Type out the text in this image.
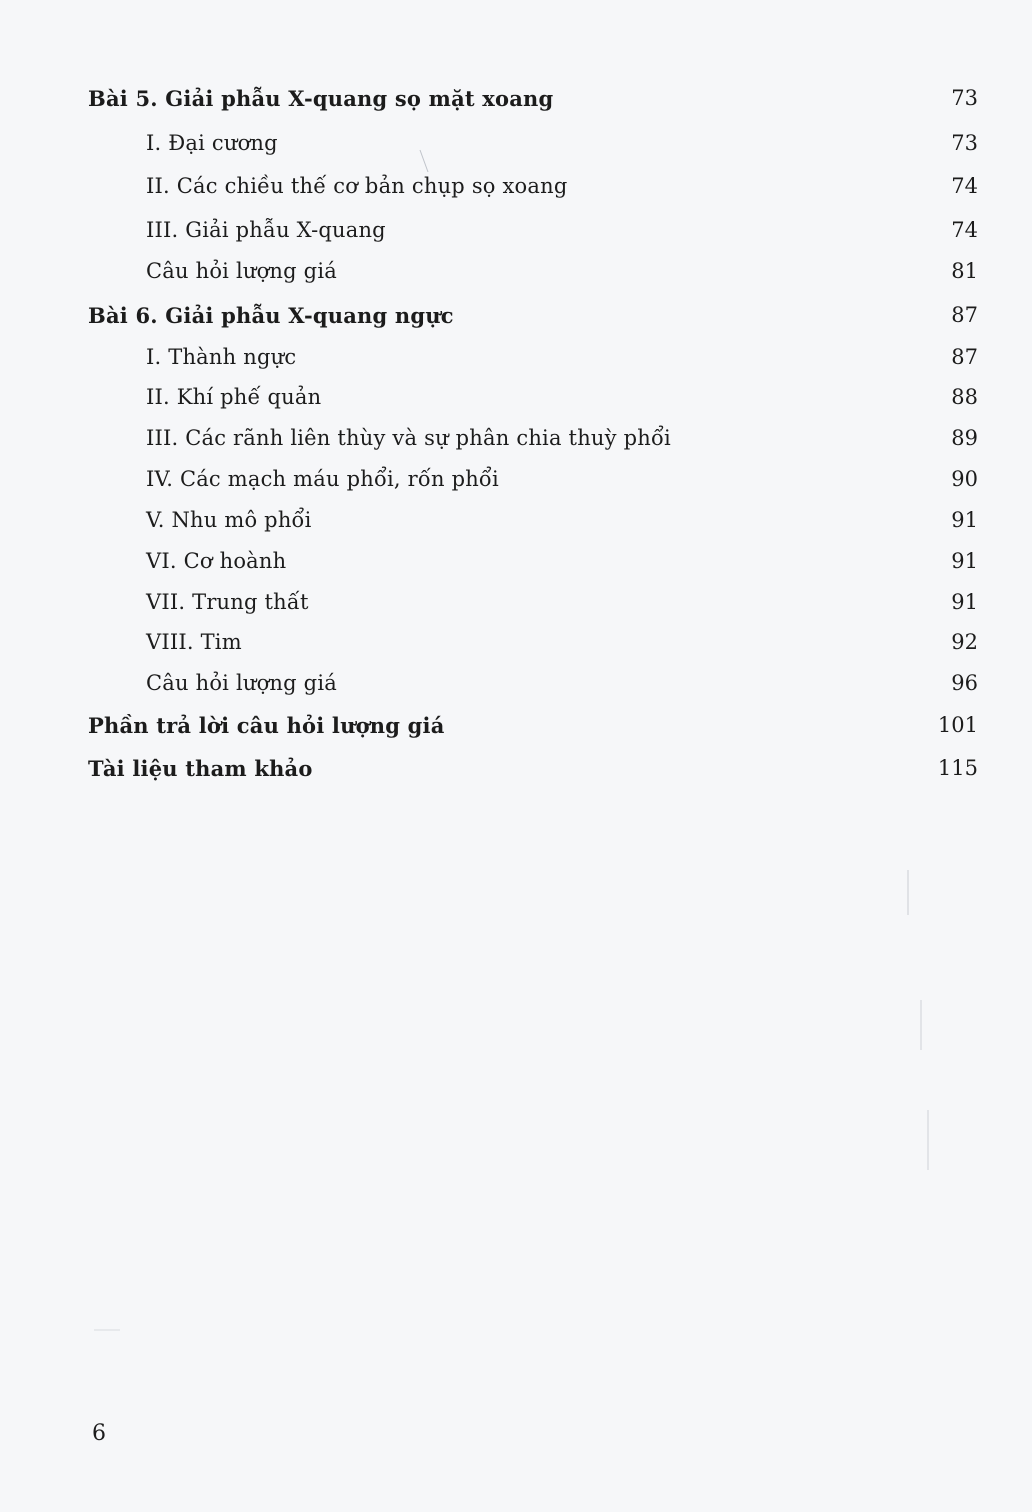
Bài 5. Giải phẫu X-quang sọ mặt xoang	73
I. Đại cương	73
II. Các chiều thế cơ bản chụp sọ xoang	74
III. Giải phẫu X-quang	74
Câu hỏi lượng giá	81
Bài 6. Giải phẫu X-quang ngực	87
I. Thành ngực	87
II. Khí phế quản	88
III. Các rãnh liên thùy và sự phân chia thuỳ phổi	89
IV. Các mạch máu phổi, rốn phổi	90
V. Nhu mô phổi	91
VI. Cơ hoành	91
VII. Trung thất	91
VIII. Tim	92
Câu hỏi lượng giá	96
Phần trả lời câu hỏi lượng giá	101
Tài liệu tham khảo	115
6
